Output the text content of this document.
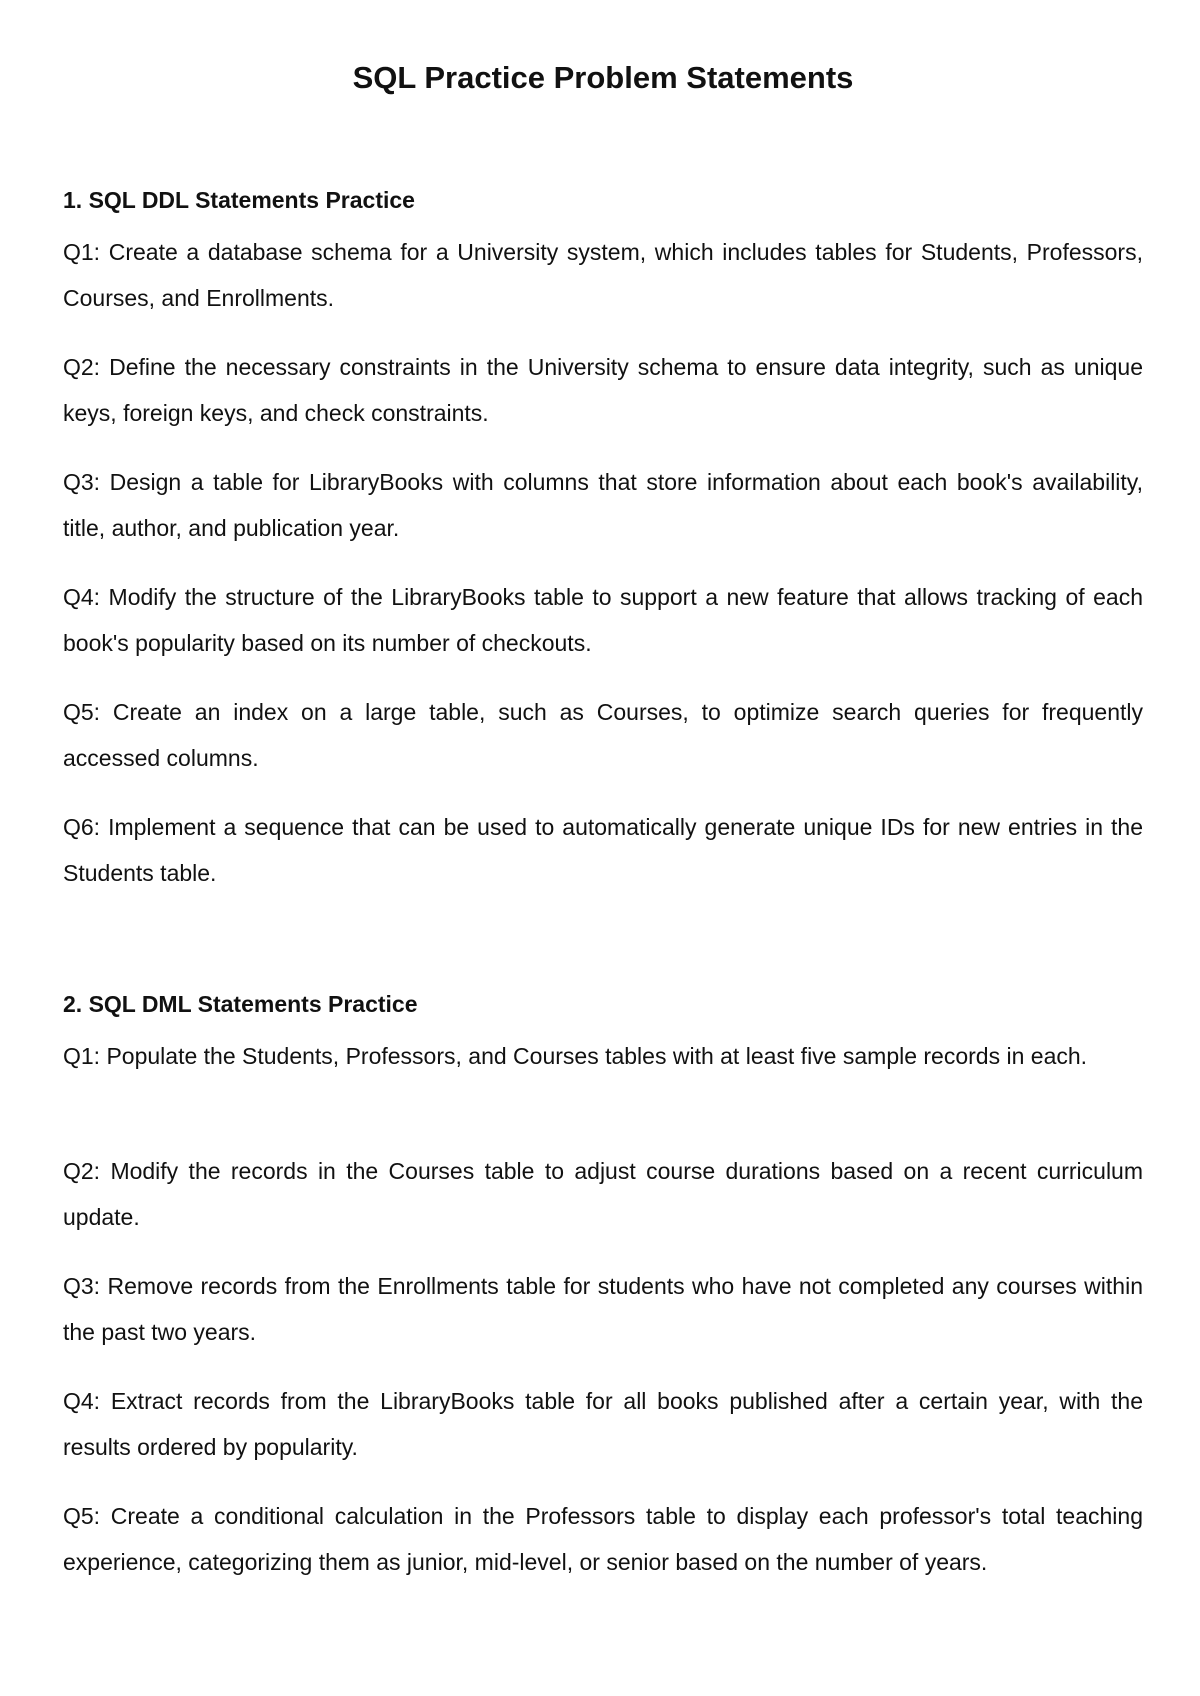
SQL Practice Problem Statements
1. SQL DDL Statements Practice

Q1: Create a database schema for a University system, which includes tables for Students, Professors, Courses, and Enrollments.

Q2: Define the necessary constraints in the University schema to ensure data integrity, such as unique keys, foreign keys, and check constraints.

Q3: Design a table for LibraryBooks with columns that store information about each book's availability, title, author, and publication year.

Q4: Modify the structure of the LibraryBooks table to support a new feature that allows tracking of each book's popularity based on its number of checkouts.

Q5: Create an index on a large table, such as Courses, to optimize search queries for frequently accessed columns.

Q6: Implement a sequence that can be used to automatically generate unique IDs for new entries in the Students table.

2. SQL DML Statements Practice

Q1: Populate the Students, Professors, and Courses tables with at least five sample records in each.

Q2: Modify the records in the Courses table to adjust course durations based on a recent curriculum update.

Q3: Remove records from the Enrollments table for students who have not completed any courses within the past two years.

Q4: Extract records from the LibraryBooks table for all books published after a certain year, with the results ordered by popularity.

Q5: Create a conditional calculation in the Professors table to display each professor's total teaching experience, categorizing them as junior, mid-level, or senior based on the number of years.
